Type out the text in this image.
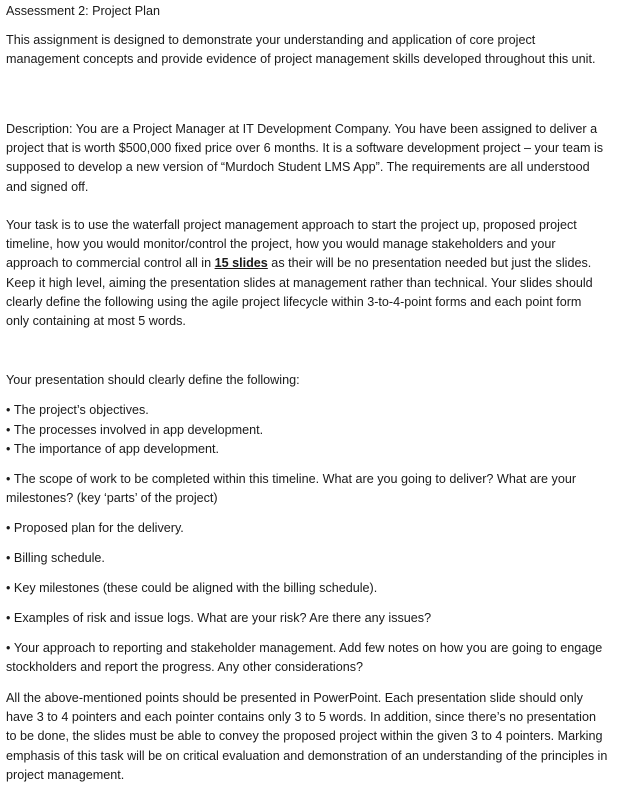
Assessment 2: Project Plan

This assignment is designed to demonstrate your understanding and application of core project management concepts and provide evidence of project management skills developed throughout this unit.

Description: You are a Project Manager at IT Development Company. You have been assigned to deliver a project that is worth $500,000 fixed price over 6 months. It is a software development project – your team is supposed to develop a new version of “Murdoch Student LMS App”. The requirements are all understood and signed off.

Your task is to use the waterfall project management approach to start the project up, proposed project timeline, how you would monitor/control the project, how you would manage stakeholders and your approach to commercial control all in 15 slides as their will be no presentation needed but just the slides. Keep it high level, aiming the presentation slides at management rather than technical. Your slides should clearly define the following using the agile project lifecycle within 3-to-4-point forms and each point form only containing at most 5 words.

Your presentation should clearly define the following:

• The project’s objectives.

• The processes involved in app development.

• The importance of app development.

• The scope of work to be completed within this timeline. What are you going to deliver? What are your milestones? (key ‘parts’ of the project)

• Proposed plan for the delivery.

• Billing schedule.

• Key milestones (these could be aligned with the billing schedule).

• Examples of risk and issue logs. What are your risk? Are there any issues?

• Your approach to reporting and stakeholder management. Add few notes on how you are going to engage stockholders and report the progress. Any other considerations?

All the above-mentioned points should be presented in PowerPoint. Each presentation slide should only have 3 to 4 pointers and each pointer contains only 3 to 5 words. In addition, since there’s no presentation to be done, the slides must be able to convey the proposed project within the given 3 to 4 pointers. Marking emphasis of this task will be on critical evaluation and demonstration of an understanding of the principles in project management.
